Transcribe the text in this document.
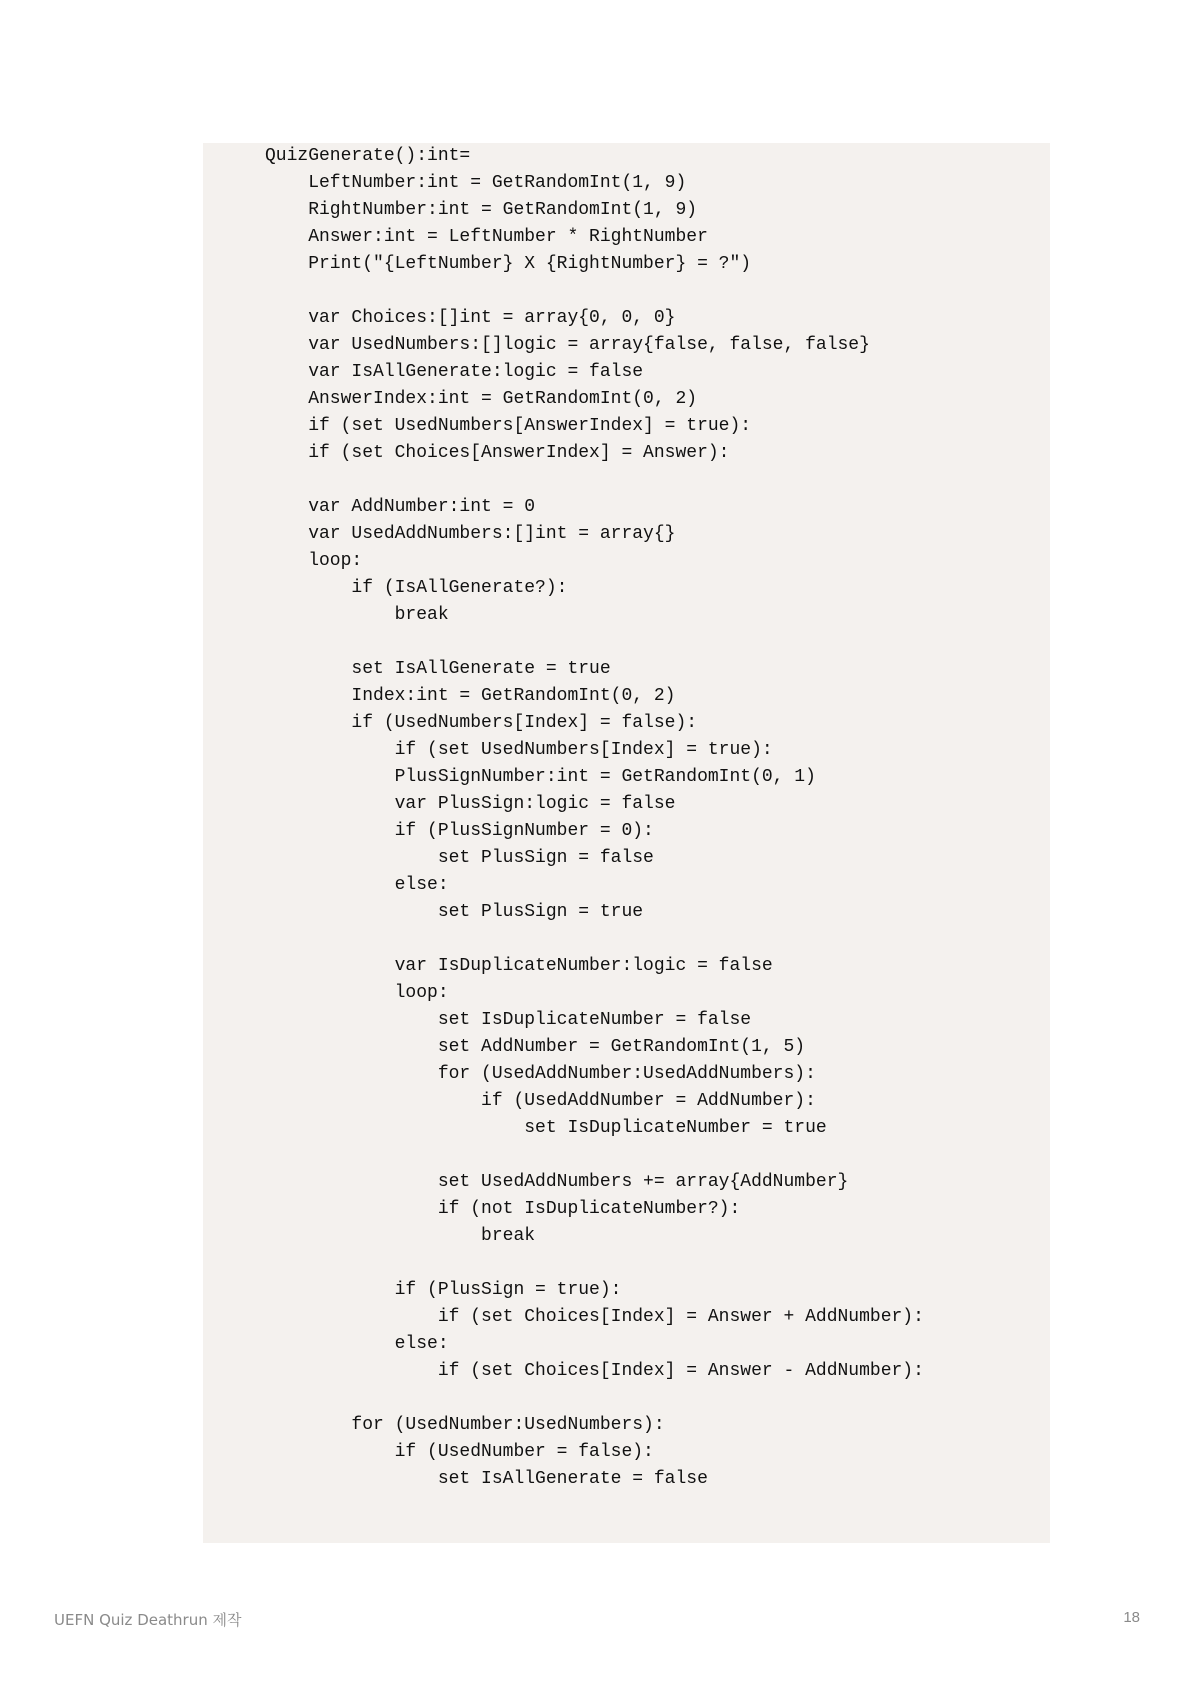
QuizGenerate():int=
LeftNumber:int = GetRandomInt(1, 9)
RightNumber:int = GetRandomInt(1, 9)
Answer:int = LeftNumber * RightNumber
Print("{LeftNumber} X {RightNumber} = ?")
var Choices:[]int = array{0, 0, 0}
var UsedNumbers:[]logic = array{false, false, false}
var IsAllGenerate:logic = false
AnswerIndex:int = GetRandomInt(0, 2)
if (set UsedNumbers[AnswerIndex] = true):
if (set Choices[AnswerIndex] = Answer):
var AddNumber:int = 0
var UsedAddNumbers:[]int = array{}
loop:
if (IsAllGenerate?):
break
set IsAllGenerate = true
Index:int = GetRandomInt(0, 2)
if (UsedNumbers[Index] = false):
if (set UsedNumbers[Index] = true):
PlusSignNumber:int = GetRandomInt(0, 1)
var PlusSign:logic = false
if (PlusSignNumber = 0):
set PlusSign = false
else:
set PlusSign = true
var IsDuplicateNumber:logic = false
loop:
set IsDuplicateNumber = false
set AddNumber = GetRandomInt(1, 5)
for (UsedAddNumber:UsedAddNumbers):
if (UsedAddNumber = AddNumber):
set IsDuplicateNumber = true
set UsedAddNumbers += array{AddNumber}
if (not IsDuplicateNumber?):
break
if (PlusSign = true):
if (set Choices[Index] = Answer + AddNumber):
else:
if (set Choices[Index] = Answer - AddNumber):
for (UsedNumber:UsedNumbers):
if (UsedNumber = false):
set IsAllGenerate = false
UEFN Quiz Deathrun 제작	18
